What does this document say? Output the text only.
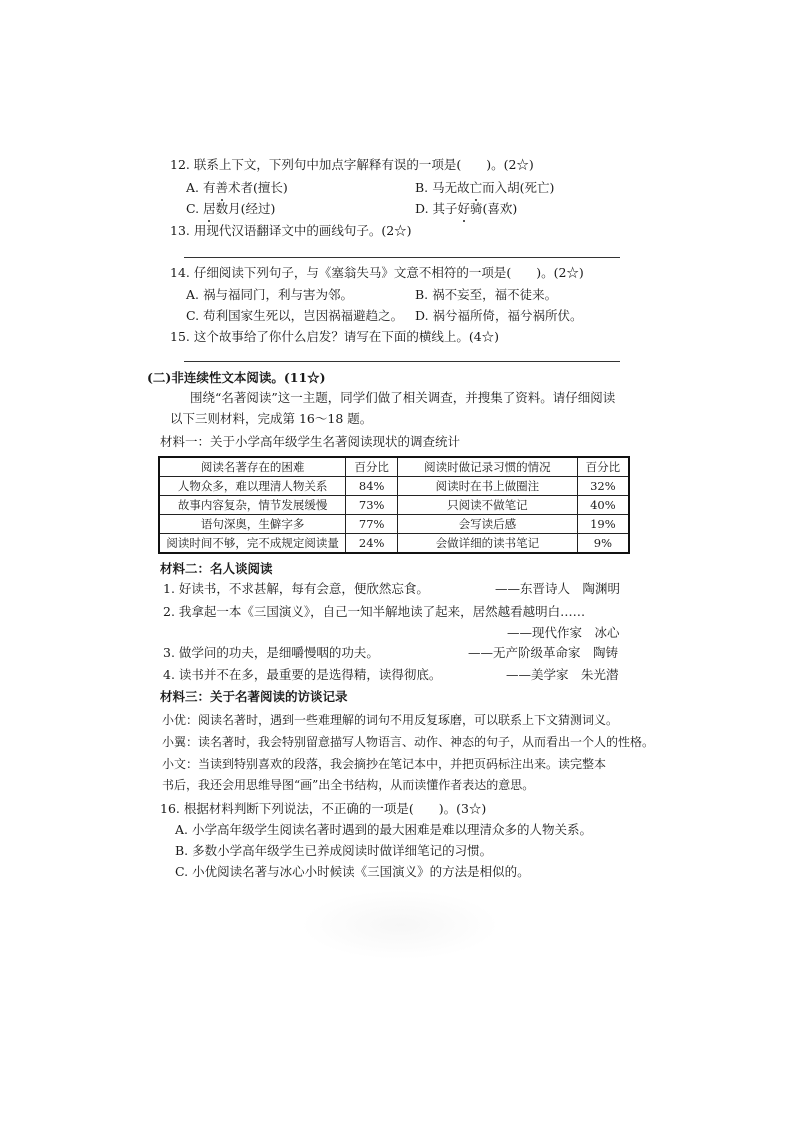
12. 联系上下文，下列句中加点字解释有误的一项是(　　)。(2☆)
A. 有善术者(擅长)	B. 马无故亡而入胡(死亡)
C. 居数月(经过)	D. 其子好骑(喜欢)
13. 用现代汉语翻译文中的画线句子。(2☆)
14. 仔细阅读下列句子，与《塞翁失马》文意不相符的一项是(　　)。(2☆)
A. 祸与福同门，利与害为邻。	B. 祸不妄至，福不徒来。
C. 苟利国家生死以，岂因祸福避趋之。 D. 祸兮福所倚，福兮祸所伏。
15. 这个故事给了你什么启发？请写在下面的横线上。(4☆)
(二)非连续性文本阅读。(11☆)
围绕“名著阅读”这一主题，同学们做了相关调查，并搜集了资料。请仔细阅读
以下三则材料，完成第 16～18 题。
材料一：关于小学高年级学生名著阅读现状的调查统计
阅读名著存在的困难	百分比	阅读时做记录习惯的情况	百分比
人物众多，难以理清人物关系	84%	阅读时在书上做圈注	32%
故事内容复杂，情节发展缓慢	73%	只阅读不做笔记	40%
语句深奥，生僻字多	77%	会写读后感	19%
阅读时间不够，完不成规定阅读量	24%	会做详细的读书笔记	9%
材料二：名人谈阅读
1. 好读书，不求甚解，每有会意，便欣然忘食。	——东晋诗人　陶渊明
2. 我拿起一本《三国演义》，自己一知半解地读了起来，居然越看越明白……
——现代作家　冰心
3. 做学问的功夫，是细嚼慢咽的功夫。	——无产阶级革命家　陶铸
4. 读书并不在多，最重要的是选得精，读得彻底。	——美学家　朱光潜
材料三：关于名著阅读的访谈记录
小优：阅读名著时，遇到一些难理解的词句不用反复琢磨，可以联系上下文猜测词义。
小翼：读名著时，我会特别留意描写人物语言、动作、神态的句子，从而看出一个人的性格。
小文：当读到特别喜欢的段落，我会摘抄在笔记本中，并把页码标注出来。读完整本
书后，我还会用思维导图“画”出全书结构，从而读懂作者表达的意思。
16. 根据材料判断下列说法，不正确的一项是(　　)。(3☆)
A. 小学高年级学生阅读名著时遇到的最大困难是难以理清众多的人物关系。
B. 多数小学高年级学生已养成阅读时做详细笔记的习惯。
C. 小优阅读名著与冰心小时候读《三国演义》的方法是相似的。
